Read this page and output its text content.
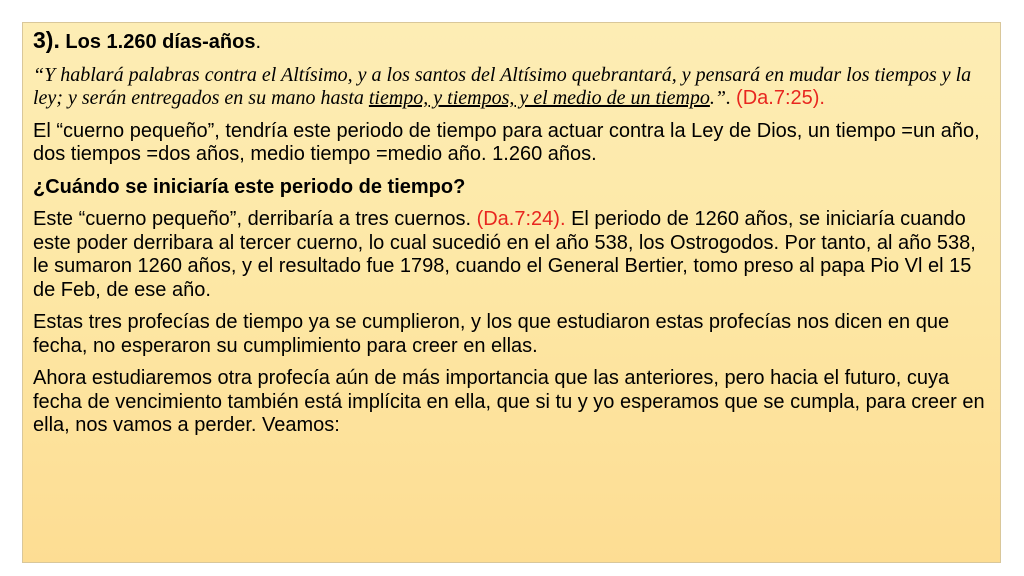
3). Los 1.260 días-años.

“Y hablará palabras contra el Altísimo, y a los santos del Altísimo quebrantará, y pensará en mudar los tiempos y la ley; y serán entregados en su mano hasta tiempo, y tiempos, y el medio de un tiempo.”. (Da.7:25).

El “cuerno pequeño”, tendría este periodo de tiempo para actuar contra la Ley de Dios, un tiempo =un año, dos tiempos =dos años, medio tiempo =medio año. 1.260 años.

¿Cuándo se iniciaría este periodo de tiempo?

Este “cuerno pequeño”, derribaría a tres cuernos. (Da.7:24). El periodo de 1260 años, se iniciaría cuando este poder derribara al tercer cuerno, lo cual sucedió en el año 538, los Ostrogodos. Por tanto, al año 538, le sumaron 1260 años, y el resultado fue 1798, cuando el General Bertier, tomo preso al papa Pio Vl el 15 de Feb, de ese año.

Estas tres profecías de tiempo ya se cumplieron, y los que estudiaron estas profecías nos dicen en que fecha, no esperaron su cumplimiento para creer en ellas.

Ahora estudiaremos otra profecía aún de más importancia que las anteriores, pero hacia el futuro, cuya fecha de vencimiento también está implícita en ella, que si tu y yo esperamos que se cumpla, para creer en ella, nos vamos a perder. Veamos:
